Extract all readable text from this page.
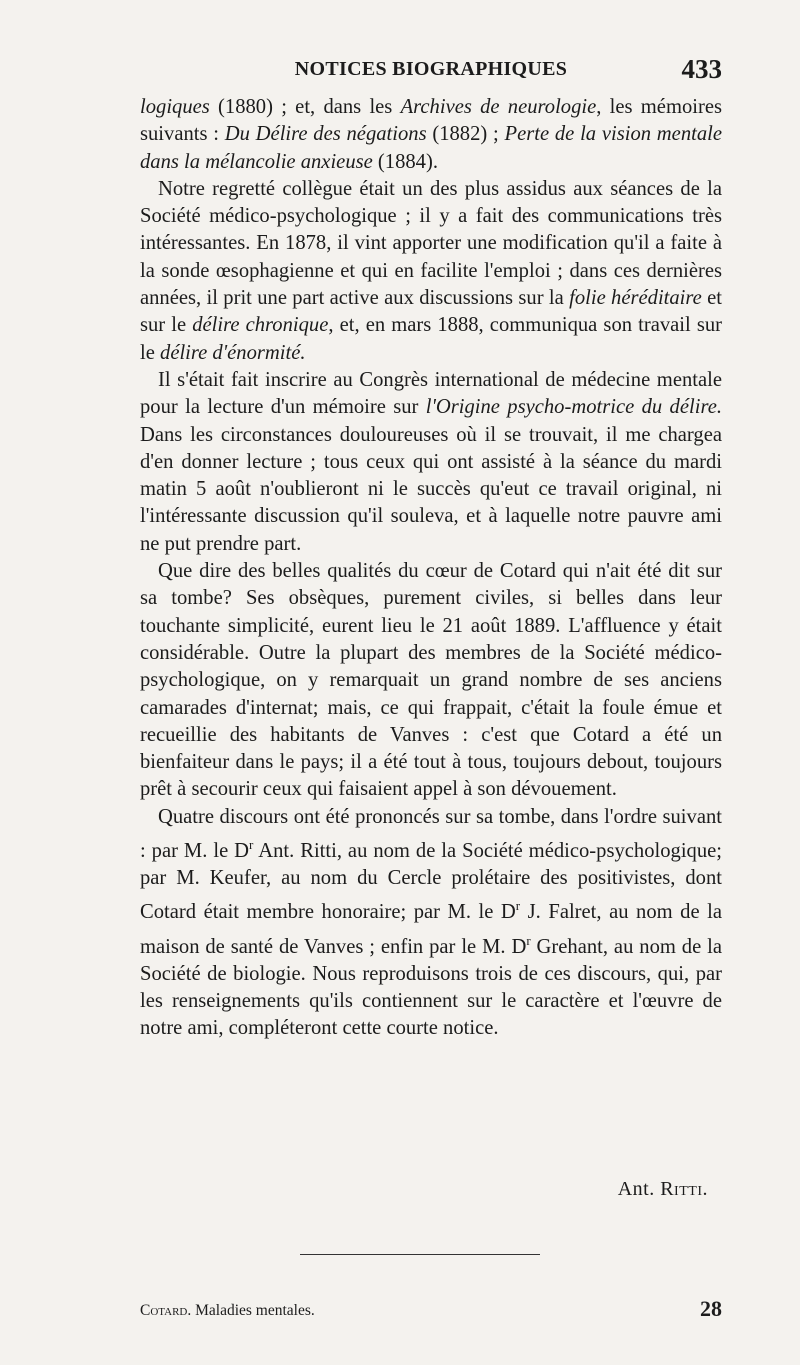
NOTICES BIOGRAPHIQUES	433

logiques (1880) ; et, dans les Archives de neurologie, les mémoires suivants : Du Délire des négations (1882) ; Perte de la vision mentale dans la mélancolie anxieuse (1884).

Notre regretté collègue était un des plus assidus aux séances de la Société médico-psychologique ; il y a fait des communications très intéressantes. En 1878, il vint apporter une modification qu'il a faite à la sonde œsophagienne et qui en facilite l'emploi ; dans ces dernières années, il prit une part active aux discussions sur la folie héréditaire et sur le délire chronique, et, en mars 1888, communiqua son travail sur le délire d'énormité.

Il s'était fait inscrire au Congrès international de médecine mentale pour la lecture d'un mémoire sur l'Origine psycho-motrice du délire. Dans les circonstances douloureuses où il se trouvait, il me chargea d'en donner lecture ; tous ceux qui ont assisté à la séance du mardi matin 5 août n'oublieront ni le succès qu'eut ce travail original, ni l'intéressante discussion qu'il souleva, et à laquelle notre pauvre ami ne put prendre part.

Que dire des belles qualités du cœur de Cotard qui n'ait été dit sur sa tombe? Ses obsèques, purement civiles, si belles dans leur touchante simplicité, eurent lieu le 21 août 1889. L'affluence y était considérable. Outre la plupart des membres de la Société médico-psychologique, on y remarquait un grand nombre de ses anciens camarades d'internat; mais, ce qui frappait, c'était la foule émue et recueillie des habitants de Vanves : c'est que Cotard a été un bienfaiteur dans le pays; il a été tout à tous, toujours debout, toujours prêt à secourir ceux qui faisaient appel à son dévouement.

Quatre discours ont été prononcés sur sa tombe, dans l'ordre suivant : par M. le $D^r$ Ant. Ritti, au nom de la Société médico-psychologique; par M. Keufer, au nom du Cercle prolétaire des positivistes, dont Cotard était membre honoraire; par M. le $D^r$ J. Falret, au nom de la maison de santé de Vanves ; enfin par le M. $D^r$ Grehant, au nom de la Société de biologie. Nous reproduisons trois de ces discours, qui, par les renseignements qu'ils contiennent sur le caractère et l'œuvre de notre ami, compléteront cette courte notice.

Ant. Ritti.
Cotard. Maladies mentales.	28
